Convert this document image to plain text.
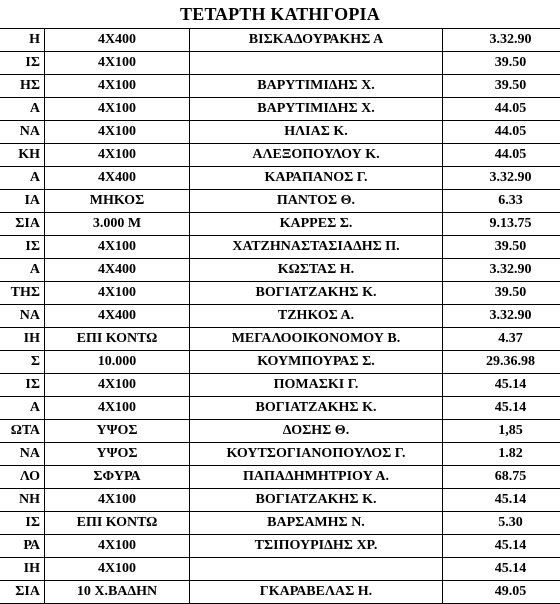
ΤΕΤΑΡΤΗ ΚΑΤΗΓΟΡΙΑ
Η	4Χ400	ΒΙΣΚΑΔΟΥΡΑΚΗΣ Α	3.32.90
ΙΣ	4Χ100		39.50
ΗΣ	4Χ100	ΒΑΡΥΤΙΜΙΔΗΣ Χ.	39.50
Α	4Χ100	ΒΑΡΥΤΙΜΙΔΗΣ Χ.	44.05
ΝΑ	4Χ100	ΗΛΙΑΣ Κ.	44.05
ΚΗ	4Χ100	ΑΛΕΞΟΠΟΥΛΟΥ Κ.	44.05
Α	4Χ400	ΚΑΡΑΠΑΝΟΣ Γ.	3.32.90
ΙΑ	ΜΗΚΟΣ	ΠΑΝΤΟΣ Θ.	6.33
ΣΙΑ	3.000 Μ	ΚΑΡΡΕΣ Σ.	9.13.75
ΙΣ	4Χ100	ΧΑΤΖΗΝΑΣΤΑΣΙΑΔΗΣ Π.	39.50
Α	4Χ400	ΚΩΣΤΑΣ Η.	3.32.90
ΤΗΣ	4Χ100	ΒΟΓΙΑΤΖΑΚΗΣ Κ.	39.50
ΝΑ	4Χ400	ΤΖΗΚΟΣ Α.	3.32.90
ΙΗ	ΕΠΙ ΚΟΝΤΩ	ΜΕΓΑΛΟΟΙΚΟΝΟΜΟΥ Β.	4.37
Σ	10.000	ΚΟΥΜΠΟΥΡΑΣ Σ.	29.36.98
ΙΣ	4Χ100	ΠΟΜΑΣΚΙ Γ.	45.14
Α	4Χ100	ΒΟΓΙΑΤΖΑΚΗΣ Κ.	45.14
ΩΤΑ	ΥΨΟΣ	ΔΟΣΗΣ Θ.	1,85
ΝΑ	ΥΨΟΣ	ΚΟΥΤΣΟΓΙΑΝΟΠΟΥΛΟΣ Γ.	1.82
ΛΟ	ΣΦΥΡΑ	ΠΑΠΑΔΗΜΗΤΡΙΟΥ Α.	68.75
ΝΗ	4Χ100	ΒΟΓΙΑΤΖΑΚΗΣ Κ.	45.14
ΙΣ	ΕΠΙ ΚΟΝΤΩ	ΒΑΡΣΑΜΗΣ Ν.	5.30
ΡΑ	4Χ100	ΤΣΙΠΟΥΡΙΔΗΣ ΧΡ.	45.14
ΙΗ	4Χ100		45.14
ΣΙΑ	10 Χ.ΒΑΔΗΝ	ΓΚΑΡΑΒΕΛΑΣ Η.	49.05
